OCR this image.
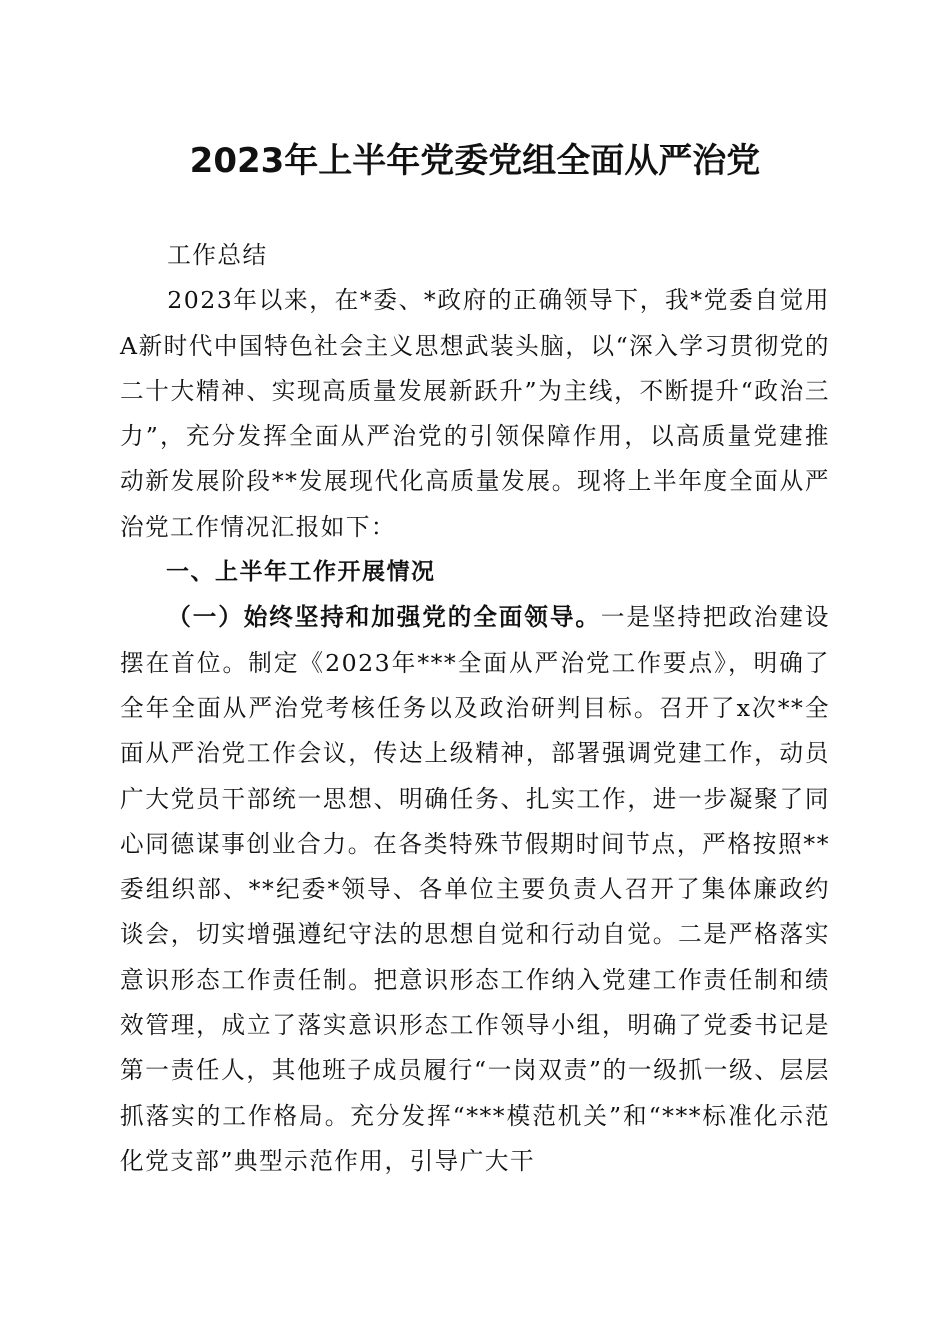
2023年上半年党委党组全面从严治党

工作总结

2023年以来，在*委、*政府的正确领导下，我*党委自觉用A新时代中国特色社会主义思想武装头脑，以“深入学习贯彻党的二十大精神、实现高质量发展新跃升”为主线，不断提升“政治三力”，充分发挥全面从严治党的引领保障作用，以高质量党建推动新发展阶段**发展现代化高质量发展。现将上半年度全面从严治党工作情况汇报如下：

一、上半年工作开展情况

（一）始终坚持和加强党的全面领导。一是坚持把政治建设摆在首位。制定《2023年***全面从严治党工作要点》，明确了全年全面从严治党考核任务以及政治研判目标。召开了x次**全面从严治党工作会议，传达上级精神，部署强调党建工作，动员广大党员干部统一思想、明确任务、扎实工作，进一步凝聚了同心同德谋事创业合力。在各类特殊节假期时间节点，严格按照**委组织部、**纪委*领导、各单位主要负责人召开了集体廉政约谈会，切实增强遵纪守法的思想自觉和行动自觉。二是严格落实意识形态工作责任制。把意识形态工作纳入党建工作责任制和绩效管理，成立了落实意识形态工作领导小组，明确了党委书记是第一责任人，其他班子成员履行“一岗双责”的一级抓一级、层层抓落实的工作格局。充分发挥“***模范机关”和“***标准化示范化党支部”典型示范作用，引导广大干
